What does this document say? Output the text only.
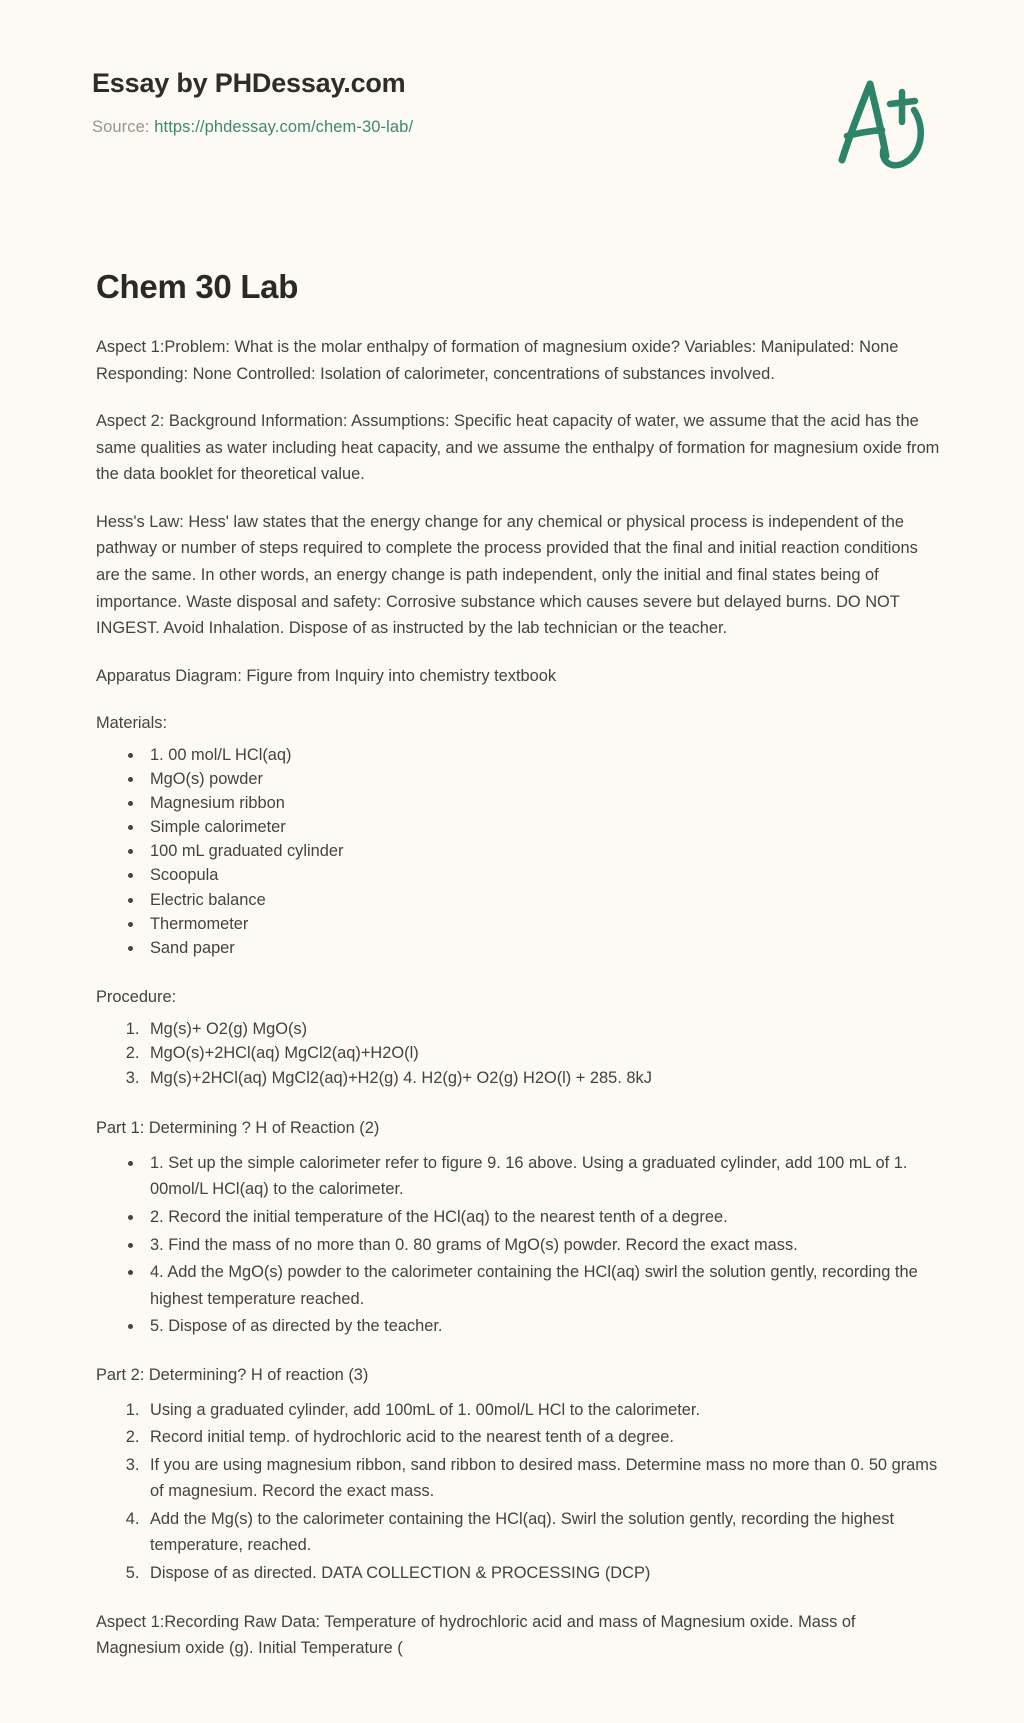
Essay by PHDessay.com
Source: https://phdessay.com/chem-30-lab/
Chem 30 Lab

Aspect 1:Problem: What is the molar enthalpy of formation of magnesium oxide? Variables: Manipulated: None Responding: None Controlled: Isolation of calorimeter, concentrations of substances involved.

Aspect 2: Background Information: Assumptions: Specific heat capacity of water, we assume that the acid has the same qualities as water including heat capacity, and we assume the enthalpy of formation for magnesium oxide from the data booklet for theoretical value.

Hess's Law: Hess' law states that the energy change for any chemical or physical process is independent of the pathway or number of steps required to complete the process provided that the final and initial reaction conditions are the same. In other words, an energy change is path independent, only the initial and final states being of importance. Waste disposal and safety: Corrosive substance which causes severe but delayed burns. DO NOT INGEST. Avoid Inhalation. Dispose of as instructed by the lab technician or the teacher.

Apparatus Diagram: Figure from Inquiry into chemistry textbook

Materials:

• 1. 00 mol/L HCl(aq)
• MgO(s) powder
• Magnesium ribbon
• Simple calorimeter
• 100 mL graduated cylinder
• Scoopula
• Electric balance
• Thermometer
• Sand paper

Procedure:

1. Mg(s)+ O2(g) MgO(s)
2. MgO(s)+2HCl(aq) MgCl2(aq)+H2O(l)
3. Mg(s)+2HCl(aq) MgCl2(aq)+H2(g) 4. H2(g)+ O2(g) H2O(l) + 285. 8kJ

Part 1: Determining ? H of Reaction (2)

• 1. Set up the simple calorimeter refer to figure 9. 16 above. Using a graduated cylinder, add 100 mL of 1. 00mol/L HCl(aq) to the calorimeter.
• 2. Record the initial temperature of the HCl(aq) to the nearest tenth of a degree.
• 3. Find the mass of no more than 0. 80 grams of MgO(s) powder. Record the exact mass.
• 4. Add the MgO(s) powder to the calorimeter containing the HCl(aq) swirl the solution gently, recording the highest temperature reached.
• 5. Dispose of as directed by the teacher.

Part 2: Determining? H of reaction (3)

1. Using a graduated cylinder, add 100mL of 1. 00mol/L HCl to the calorimeter.
2. Record initial temp. of hydrochloric acid to the nearest tenth of a degree.
3. If you are using magnesium ribbon, sand ribbon to desired mass. Determine mass no more than 0. 50 grams of magnesium. Record the exact mass.
4. Add the Mg(s) to the calorimeter containing the HCl(aq). Swirl the solution gently, recording the highest temperature, reached.
5. Dispose of as directed. DATA COLLECTION & PROCESSING (DCP)

Aspect 1:Recording Raw Data: Temperature of hydrochloric acid and mass of Magnesium oxide. Mass of Magnesium oxide (g). Initial Temperature (
